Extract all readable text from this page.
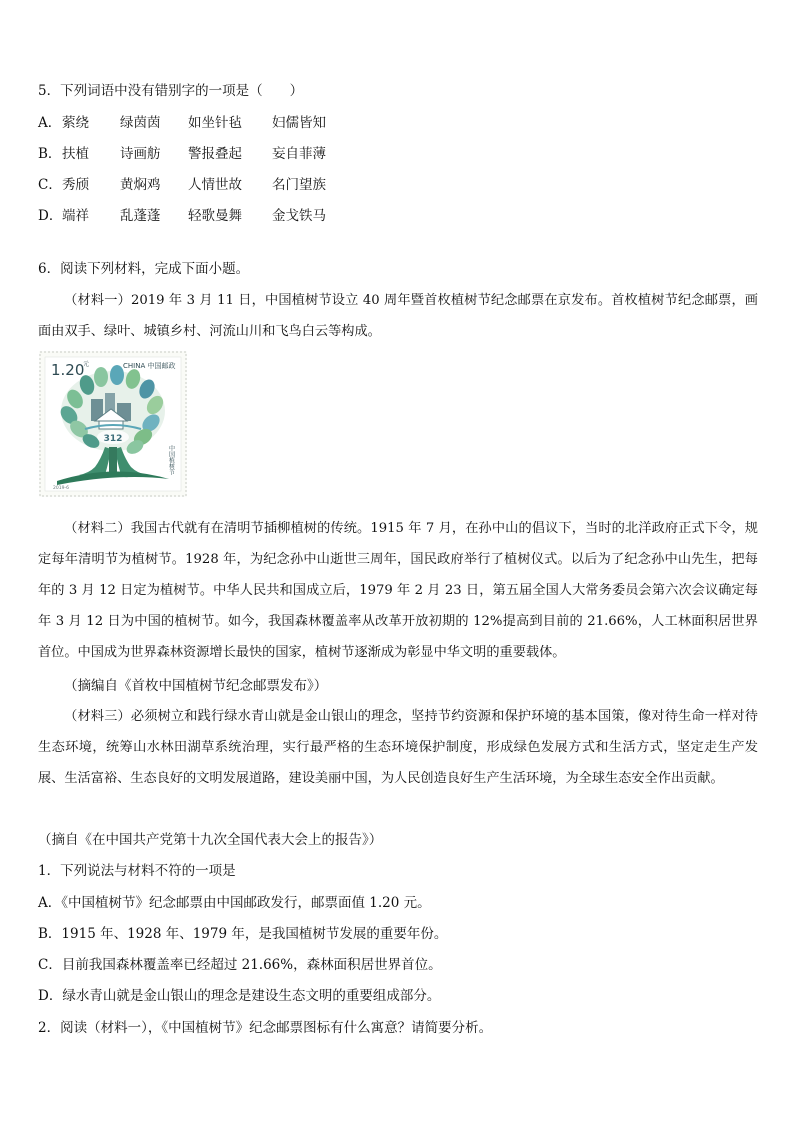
5．下列词语中没有错别字的一项是（　　）
A． 萦绕 绿茵茵 如坐针毡 妇儒皆知
B． 扶植 诗画舫 警报叠起 妄自菲薄
C． 秀颀 黄焖鸡 人情世故 名门望族
D． 端祥 乱蓬蓬 轻歌曼舞 金戈铁马
6．阅读下列材料，完成下面小题。
（材料一）2019 年 3 月 11 日，中国植树节设立 40 周年暨首枚植树节纪念邮票在京发布。首枚植树节纪念邮票，画面由双手、绿叶、城镇乡村、河流山川和飞鸟白云等构成。
312
1.20
元	CHINA 中国邮政
中国植树节
2019-6
（材料二）我国古代就有在清明节插柳植树的传统。1915 年 7 月，在孙中山的倡议下，当时的北洋政府正式下令，规定每年清明节为植树节。1928 年，为纪念孙中山逝世三周年，国民政府举行了植树仪式。以后为了纪念孙中山先生，把每年的 3 月 12 日定为植树节。中华人民共和国成立后，1979 年 2 月 23 日，第五届全国人大常务委员会第六次会议确定每年 3 月 12 日为中国的植树节。如今，我国森林覆盖率从改革开放初期的 12%提高到目前的 21.66%，人工林面积居世界首位。中国成为世界森林资源增长最快的国家，植树节逐渐成为彰显中华文明的重要载体。
（摘编自《首枚中国植树节纪念邮票发布》）
（材料三）必须树立和践行绿水青山就是金山银山的理念，坚持节约资源和保护环境的基本国策，像对待生命一样对待生态环境，统筹山水林田湖草系统治理，实行最严格的生态环境保护制度，形成绿色发展方式和生活方式，坚定走生产发展、生活富裕、生态良好的文明发展道路，建设美丽中国，为人民创造良好生产生活环境，为全球生态安全作出贡献。
（摘自《在中国共产党第十九次全国代表大会上的报告》）
1．下列说法与材料不符的一项是
A．《中国植树节》纪念邮票由中国邮政发行，邮票面值 1.20 元。
B．1915 年、1928 年、1979 年，是我国植树节发展的重要年份。
C．目前我国森林覆盖率已经超过 21.66%，森林面积居世界首位。
D．绿水青山就是金山银山的理念是建设生态文明的重要组成部分。
2．阅读（材料一），《中国植树节》纪念邮票图标有什么寓意？请简要分析。
